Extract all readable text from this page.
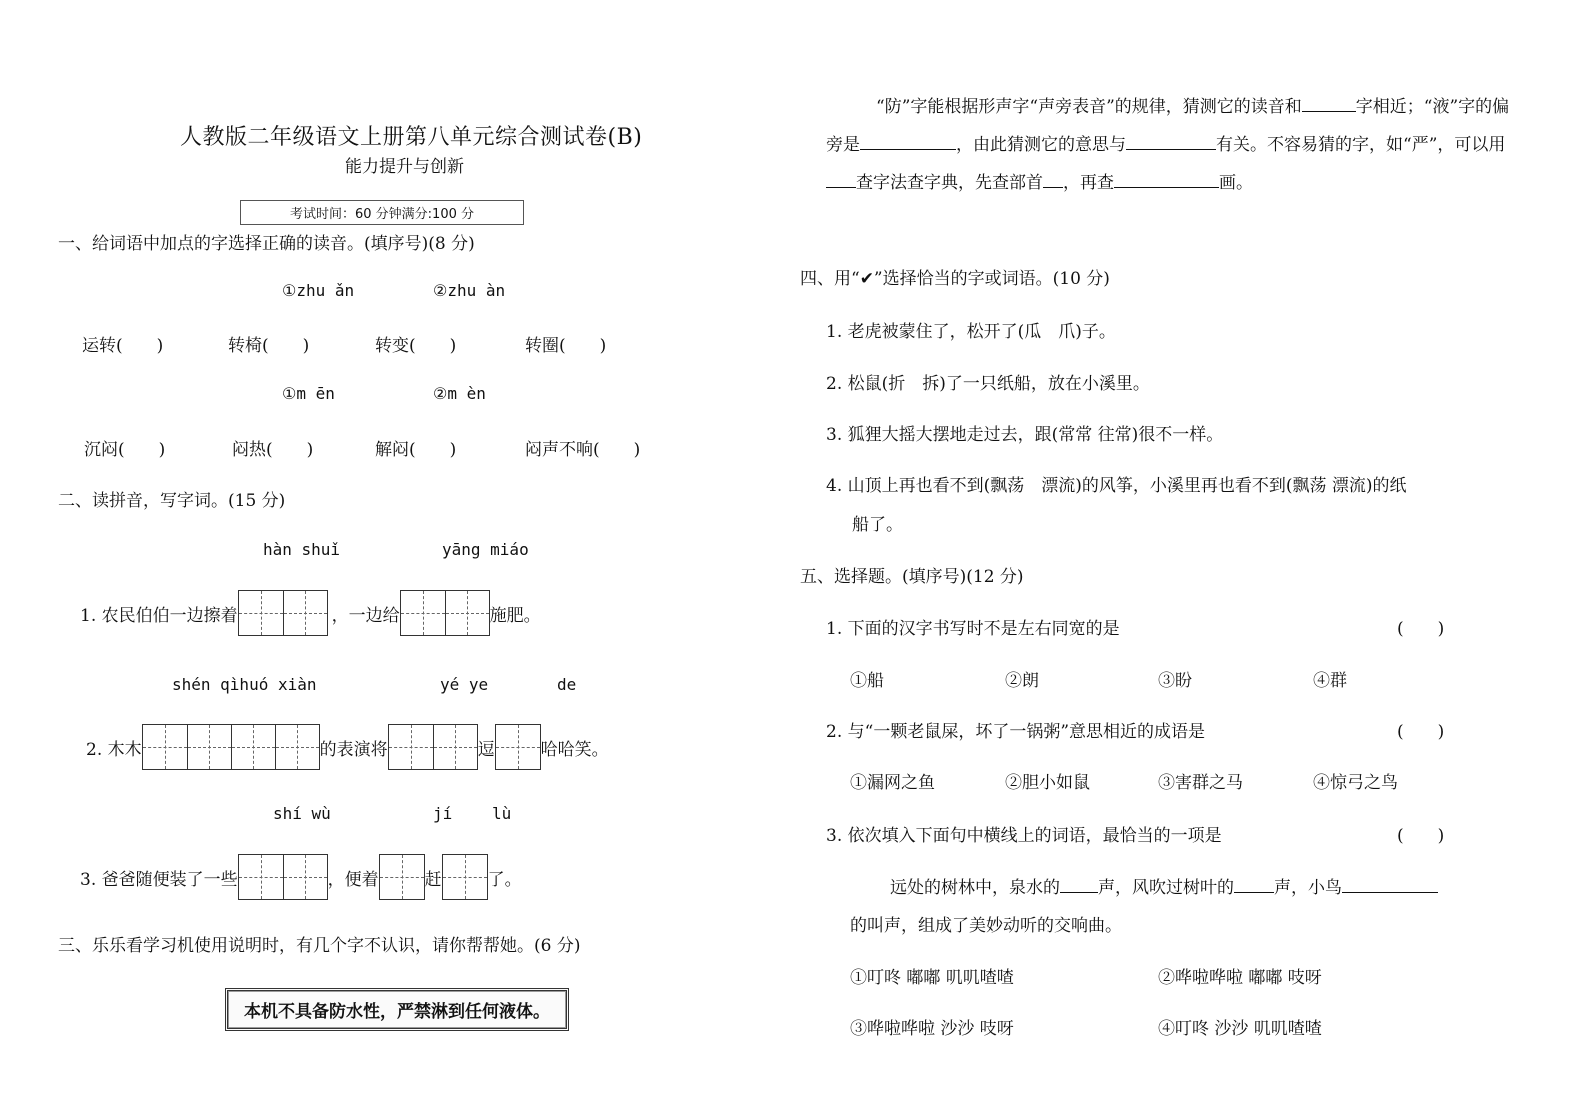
人教版二年级语文上册第八单元综合测试卷(B)
能力提升与创新
考试时间：60 分钟满分:100 分
一、给词语中加点的字选择正确的读音。(填序号)(8 分)
①zhu ǎn	②zhu àn
运转(　　)	转椅(　　)	转变(　　)	转圈(　　)
①m ēn	②m èn
沉闷(　　)	闷热(　　)	解闷(　　)	闷声不响(　　)
二、读拼音，写字词。(15 分)
hàn shuǐ	yāng miáo
1. 农民伯伯一边擦着	，一边给	施肥。
shén qìhuó xiàn	yé ye	de
2. 木木	的表演将	逗	哈哈笑。
shí wù	jí lù
3. 爸爸随便装了一些	，便着	赶	了。
三、乐乐看学习机使用说明时，有几个字不认识，请你帮帮她。(6 分)
本机不具备防水性，严禁淋到任何液体。
“防”字能根据形声字“声旁表音”的规律，猜测它的读音和	字相近；“液”字的偏旁是	，由此猜测它的意思与	有关。不容易猜的字，如“严”，可以用查字法查字典，先查部首 ，再查	画。
四、用“✔”选择恰当的字或词语。(10 分)
1. 老虎被蒙住了，松开了(瓜　爪)子。
2. 松鼠(折　拆)了一只纸船，放在小溪里。
3. 狐狸大摇大摆地走过去，跟(常常 往常)很不一样。
4. 山顶上再也看不到(飘荡　漂流)的风筝，小溪里再也看不到(飘荡 漂流)的纸
船了。
五、选择题。(填序号)(12 分)
1. 下面的汉字书写时不是左右同宽的是	(　　)
①船	②朗	③盼	④群
2. 与“一颗老鼠屎，坏了一锅粥”意思相近的成语是	(　　)
①漏网之鱼	②胆小如鼠	③害群之马	④惊弓之鸟
3. 依次填入下面句中横线上的词语，最恰当的一项是	(　　)
远处的树林中，泉水的 声，风吹过树叶的 声，小鸟
的叫声，组成了美妙动听的交响曲。
①叮咚 嘟嘟 叽叽喳喳	②哗啦哗啦 嘟嘟 吱呀
③哗啦哗啦 沙沙 吱呀	④叮咚 沙沙 叽叽喳喳
